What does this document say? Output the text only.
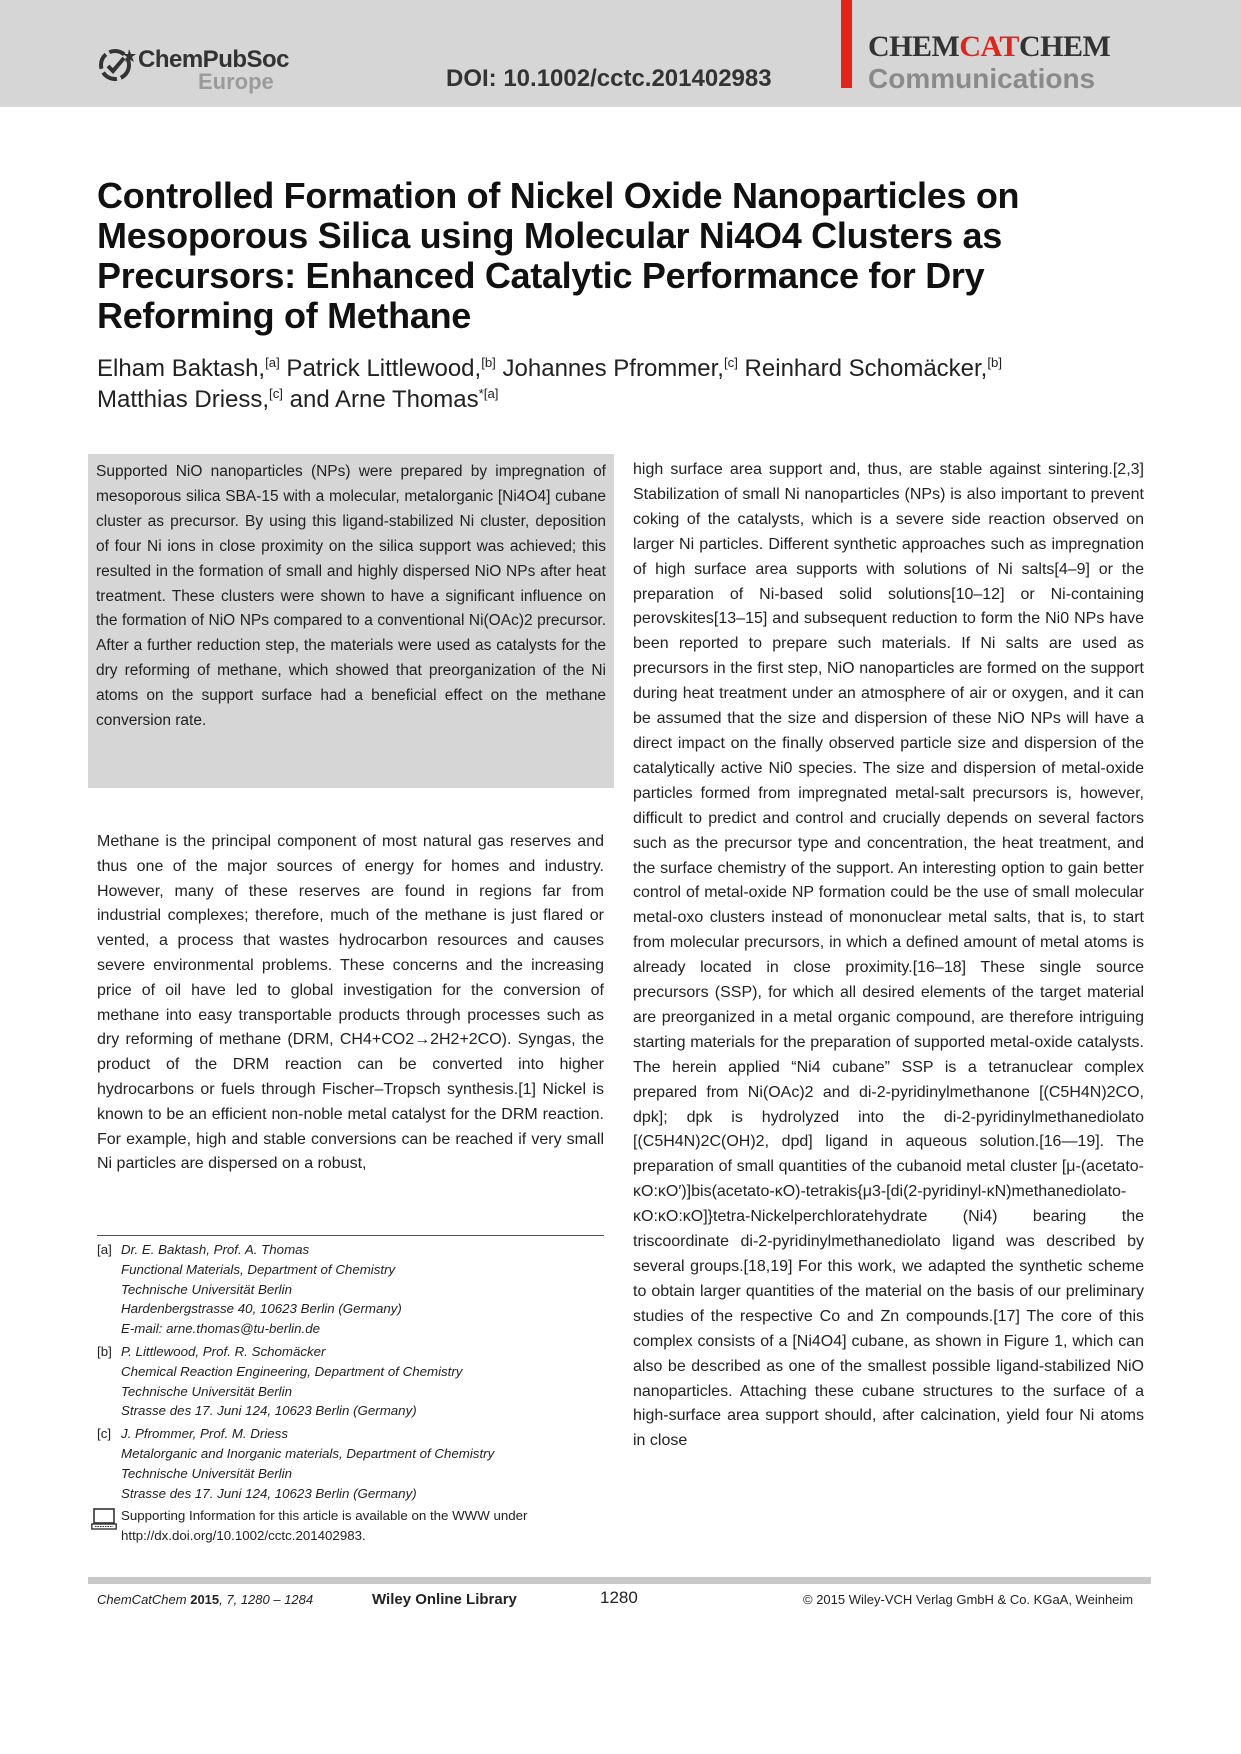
ChemPubSoc
Europe	DOI: 10.1002/cctc.201402983
CHEMCATCHEM
Communications
Controlled Formation of Nickel Oxide Nanoparticles on
Mesoporous Silica using Molecular Ni4O4 Clusters as
Precursors: Enhanced Catalytic Performance for Dry
Reforming of Methane
Elham Baktash,[a] Patrick Littlewood,[b] Johannes Pfrommer,[c] Reinhard Schomäcker,[b]
Matthias Driess,[c] and Arne Thomas$^{*[a]}$

Supported NiO nanoparticles (NPs) were prepared by impregnation of mesoporous silica SBA-15 with a molecular, metalorganic [Ni4O4] cubane cluster as precursor. By using this ligand-stabilized Ni cluster, deposition of four Ni ions in close proximity on the silica support was achieved; this resulted in the formation of small and highly dispersed NiO NPs after heat treatment. These clusters were shown to have a significant influence on the formation of NiO NPs compared to a conventional Ni(OAc)2 precursor. After a further reduction step, the materials were used as catalysts for the dry reforming of methane, which showed that preorganization of the Ni atoms on the support surface had a beneficial effect on the methane conversion rate.

Methane is the principal component of most natural gas reserves and thus one of the major sources of energy for homes and industry. However, many of these reserves are found in regions far from industrial complexes; therefore, much of the methane is just flared or vented, a process that wastes hydrocarbon resources and causes severe environmental problems. These concerns and the increasing price of oil have led to global investigation for the conversion of methane into easy transportable products through processes such as dry reforming of methane (DRM, CH4+CO2→2H2+2CO). Syngas, the product of the DRM reaction can be converted into higher hydrocarbons or fuels through Fischer–Tropsch synthesis.[1] Nickel is known to be an efficient non-noble metal catalyst for the DRM reaction. For example, high and stable conversions can be reached if very small Ni particles are dispersed on a robust,

high surface area support and, thus, are stable against sintering.[2,3] Stabilization of small Ni nanoparticles (NPs) is also important to prevent coking of the catalysts, which is a severe side reaction observed on larger Ni particles. Different synthetic approaches such as impregnation of high surface area supports with solutions of Ni salts[4–9] or the preparation of Ni-based solid solutions[10–12] or Ni-containing perovskites[13–15] and subsequent reduction to form the Ni0 NPs have been reported to prepare such materials. If Ni salts are used as precursors in the first step, NiO nanoparticles are formed on the support during heat treatment under an atmosphere of air or oxygen, and it can be assumed that the size and dispersion of these NiO NPs will have a direct impact on the finally observed particle size and dispersion of the catalytically active Ni0 species. The size and dispersion of metal-oxide particles formed from impregnated metal-salt precursors is, however, difficult to predict and control and crucially depends on several factors such as the precursor type and concentration, the heat treatment, and the surface chemistry of the support. An interesting option to gain better control of metal-oxide NP formation could be the use of small molecular metal-oxo clusters instead of mononuclear metal salts, that is, to start from molecular precursors, in which a defined amount of metal atoms is already located in close proximity.[16–18] These single source precursors (SSP), for which all desired elements of the target material are preorganized in a metal organic compound, are therefore intriguing starting materials for the preparation of supported metal-oxide catalysts. The herein applied “Ni4 cubane” SSP is a tetranuclear complex prepared from Ni(OAc)2 and di-2-pyridinylmethanone [(C5H4N)2CO, dpk]; dpk is hydrolyzed into the di-2-pyridinylmethanediolato [(C5H4N)2C(OH)2, dpd] ligand in aqueous solution.[16—19]. The preparation of small quantities of the cubanoid metal cluster [μ-(acetato-κO:κO′)]bis(acetato-κO)-tetrakis{μ3-[di(2-pyridinyl-κN)methanediolato-κO:κO:κO]}tetra-Nickelperchloratehydrate (Ni4) bearing the triscoordinate di-2-pyridinylmethanediolato ligand was described by several groups.[18,19] For this work, we adapted the synthetic scheme to obtain larger quantities of the material on the basis of our preliminary studies of the respective Co and Zn compounds.[17] The core of this complex consists of a [Ni4O4] cubane, as shown in Figure 1, which can also be described as one of the smallest possible ligand-stabilized NiO nanoparticles. Attaching these cubane structures to the surface of a high-surface area support should, after calcination, yield four Ni atoms in close

[a] Dr. E. Baktash, Prof. A. Thomas
Functional Materials, Department of Chemistry
Technische Universität Berlin
Hardenbergstrasse 40, 10623 Berlin (Germany)
E-mail: arne.thomas@tu-berlin.de
[b] P. Littlewood, Prof. R. Schomäcker
Chemical Reaction Engineering, Department of Chemistry
Technische Universität Berlin
Strasse des 17. Juni 124, 10623 Berlin (Germany)
[c] J. Pfrommer, Prof. M. Driess
Metalorganic and Inorganic materials, Department of Chemistry
Technische Universität Berlin
Strasse des 17. Juni 124, 10623 Berlin (Germany)
Supporting Information for this article is available on the WWW under
http://dx.doi.org/10.1002/cctc.201402983.
ChemCatChem 2015, 7, 1280 – 1284	Wiley Online Library	1280	© 2015 Wiley-VCH Verlag GmbH & Co. KGaA, Weinheim
